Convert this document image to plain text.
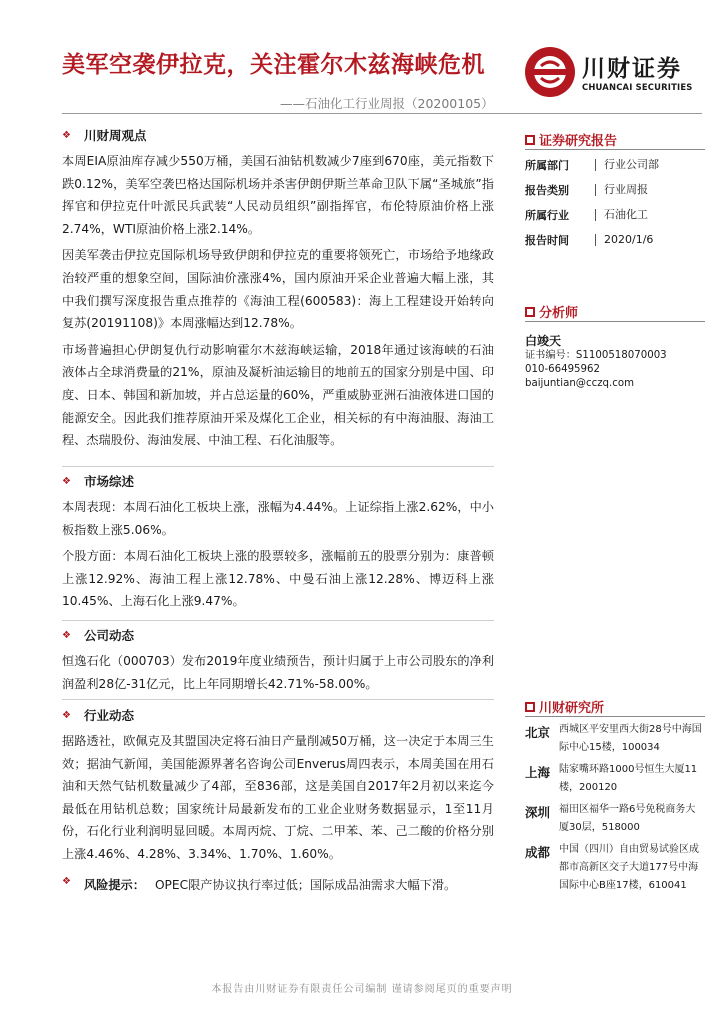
美军空袭伊拉克，关注霍尔木兹海峡危机
——石油化工行业周报（20200105）
川财证券
CHUANCAI SECURITIES
❖	川财周观点

本周EIA原油库存减少550万桶，美国石油钻机数减少7座到670座，美元指数下跌0.12%，美军空袭巴格达国际机场并杀害伊朗伊斯兰革命卫队下属“圣城旅”指挥官和伊拉克什叶派民兵武装“人民动员组织”副指挥官，布伦特原油价格上涨2.74%，WTI原油价格上涨2.14%。

因美军袭击伊拉克国际机场导致伊朗和伊拉克的重要将领死亡，市场给予地缘政治较严重的想象空间，国际油价涨涨4%，国内原油开采企业普遍大幅上涨，其中我们撰写深度报告重点推荐的《海油工程(600583)：海上工程建设开始转向复苏(20191108)》本周涨幅达到12.78%。

市场普遍担心伊朗复仇行动影响霍尔木兹海峡运输，2018年通过该海峡的石油液体占全球消费量的21%，原油及凝析油运输目的地前五的国家分别是中国、印度、日本、韩国和新加坡，并占总运量的60%，严重威胁亚洲石油液体进口国的能源安全。因此我们推荐原油开采及煤化工企业，相关标的有中海油服、海油工程、杰瑞股份、海油发展、中油工程、石化油服等。

❖	市场综述

本周表现：本周石油化工板块上涨，涨幅为4.44%。上证综指上涨2.62%，中小板指数上涨5.06%。

个股方面：本周石油化工板块上涨的股票较多，涨幅前五的股票分别为：康普顿上涨12.92%、海油工程上涨12.78%、中曼石油上涨12.28%、博迈科上涨10.45%、上海石化上涨9.47%。

❖	公司动态

恒逸石化（000703）发布2019年度业绩预告，预计归属于上市公司股东的净利润盈利28亿-31亿元，比上年同期增长42.71%-58.00%。

❖	行业动态

据路透社，欧佩克及其盟国决定将石油日产量削减50万桶，这一决定于本周三生效；据油气新闻，美国能源界著名咨询公司Enverus周四表示，本周美国在用石油和天然气钻机数量减少了4部，至836部，这是美国自2017年2月初以来迄今最低在用钻机总数；国家统计局最新发布的工业企业财务数据显示，1至11月份，石化行业利润明显回暖。本周丙烷、丁烷、二甲苯、苯、己二酸的价格分别上涨4.46%、4.28%、3.34%、1.70%、1.60%。

❖	风险提示： OPEC限产协议执行率过低；国际成品油需求大幅下滑。
证券研究报告
所属部门	行业公司部
报告类别	行业周报
所属行业	石油化工
报告时间	2020/1/6
分析师
白竣天
证书编号：S1100518070003
010-66495962
baijuntian@cczq.com
川财研究所
北京 西城区平安里西大街28号中海国际中心15楼，100034
上海 陆家嘴环路1000号恒生大厦11楼，200120
深圳 福田区福华一路6号免税商务大厦30层，518000
成都 中国（四川）自由贸易试验区成都市高新区交子大道177号中海国际中心B座17楼，610041
本报告由川财证券有限责任公司编制 谨请参阅尾页的重要声明
